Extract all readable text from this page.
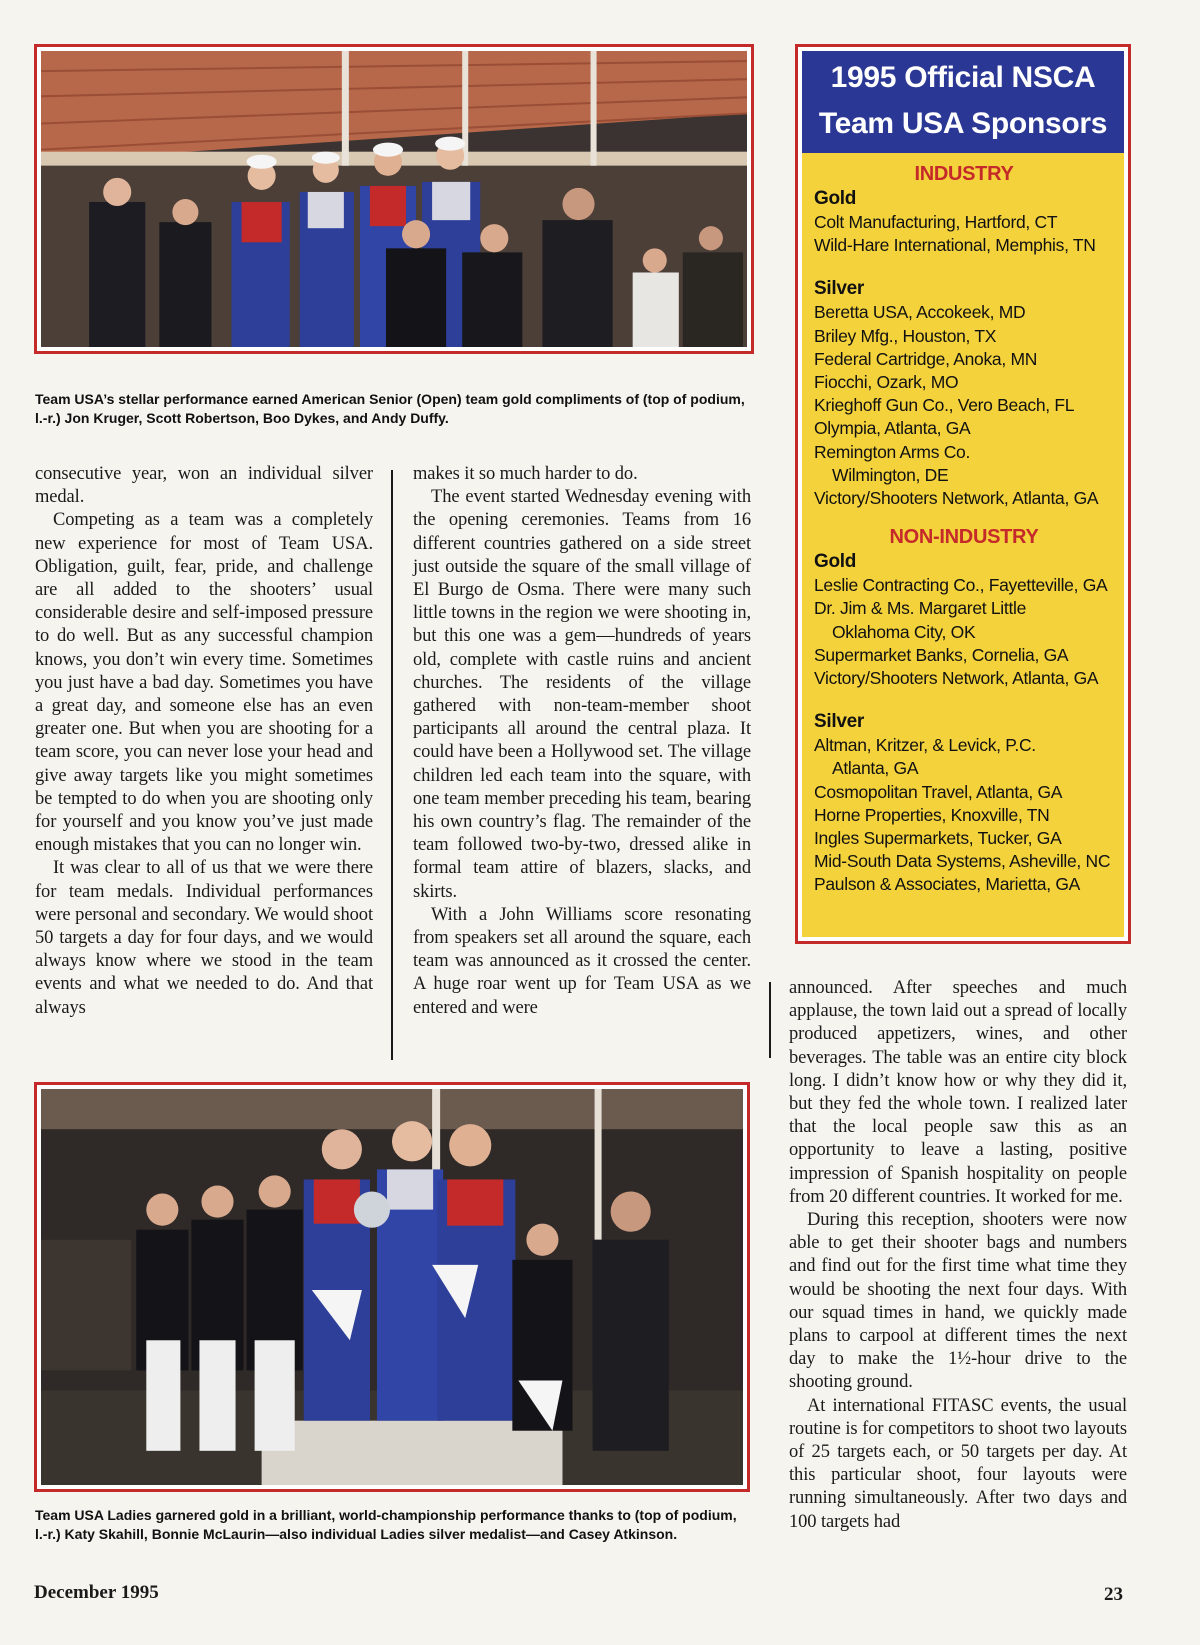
Team USA’s stellar performance earned American Senior (Open) team gold compliments of (top of podium, l.-r.) Jon Kruger, Scott Robertson, Boo Dykes, and Andy Duffy.
1995 Official NSCA
Team USA Sponsors
INDUSTRY
Gold
Colt Manufacturing, Hartford, CT
Wild-Hare International, Memphis, TN
Silver
Beretta USA, Accokeek, MD
Briley Mfg., Houston, TX
Federal Cartridge, Anoka, MN
Fiocchi, Ozark, MO
Krieghoff Gun Co., Vero Beach, FL
Olympia, Atlanta, GA
Remington Arms Co.
Wilmington, DE
Victory/Shooters Network, Atlanta, GA
NON-INDUSTRY
Gold
Leslie Contracting Co., Fayetteville, GA
Dr. Jim & Ms. Margaret Little
Oklahoma City, OK
Supermarket Banks, Cornelia, GA
Victory/Shooters Network, Atlanta, GA
Silver
Altman, Kritzer, & Levick, P.C.
Atlanta, GA
Cosmopolitan Travel, Atlanta, GA
Horne Properties, Knoxville, TN
Ingles Supermarkets, Tucker, GA
Mid-South Data Systems, Asheville, NC
Paulson & Associates, Marietta, GA

consecutive year, won an individual silver medal.

Competing as a team was a completely new experience for most of Team USA. Obligation, guilt, fear, pride, and challenge are all added to the shooters’ usual considerable desire and self-imposed pressure to do well. But as any successful champion knows, you don’t win every time. Sometimes you just have a bad day. Sometimes you have a great day, and someone else has an even greater one. But when you are shooting for a team score, you can never lose your head and give away targets like you might sometimes be tempted to do when you are shooting only for yourself and you know you’ve just made enough mistakes that you can no longer win.

It was clear to all of us that we were there for team medals. Individual performances were personal and secondary. We would shoot 50 targets a day for four days, and we would always know where we stood in the team events and what we needed to do. And that always

makes it so much harder to do.

The event started Wednesday evening with the opening ceremonies. Teams from 16 different countries gathered on a side street just outside the square of the small village of El Burgo de Osma. There were many such little towns in the region we were shooting in, but this one was a gem—hundreds of years old, complete with castle ruins and ancient churches. The residents of the village gathered with non-team-member shoot participants all around the central plaza. It could have been a Hollywood set. The village children led each team into the square, with one team member preceding his team, bearing his own country’s flag. The remainder of the team followed two-by-two, dressed alike in formal team attire of blazers, slacks, and skirts.

With a John Williams score resonating from speakers set all around the square, each team was announced as it crossed the center. A huge roar went up for Team USA as we entered and were

announced. After speeches and much applause, the town laid out a spread of locally produced appetizers, wines, and other beverages. The table was an entire city block long. I didn’t know how or why they did it, but they fed the whole town. I realized later that the local people saw this as an opportunity to leave a lasting, positive impression of Spanish hospitality on people from 20 different countries. It worked for me.

During this reception, shooters were now able to get their shooter bags and numbers and find out for the first time what time they would be shooting the next four days. With our squad times in hand, we quickly made plans to carpool at different times the next day to make the 1½-hour drive to the shooting ground.

At international FITASC events, the usual routine is for competitors to shoot two layouts of 25 targets each, or 50 targets per day. At this particular shoot, four layouts were running simultaneously. After two days and 100 targets had

Team USA Ladies garnered gold in a brilliant, world-championship performance thanks to (top of podium, l.-r.) Katy Skahill, Bonnie McLaurin—also individual Ladies silver medalist—and Casey Atkinson.
December 1995	23
